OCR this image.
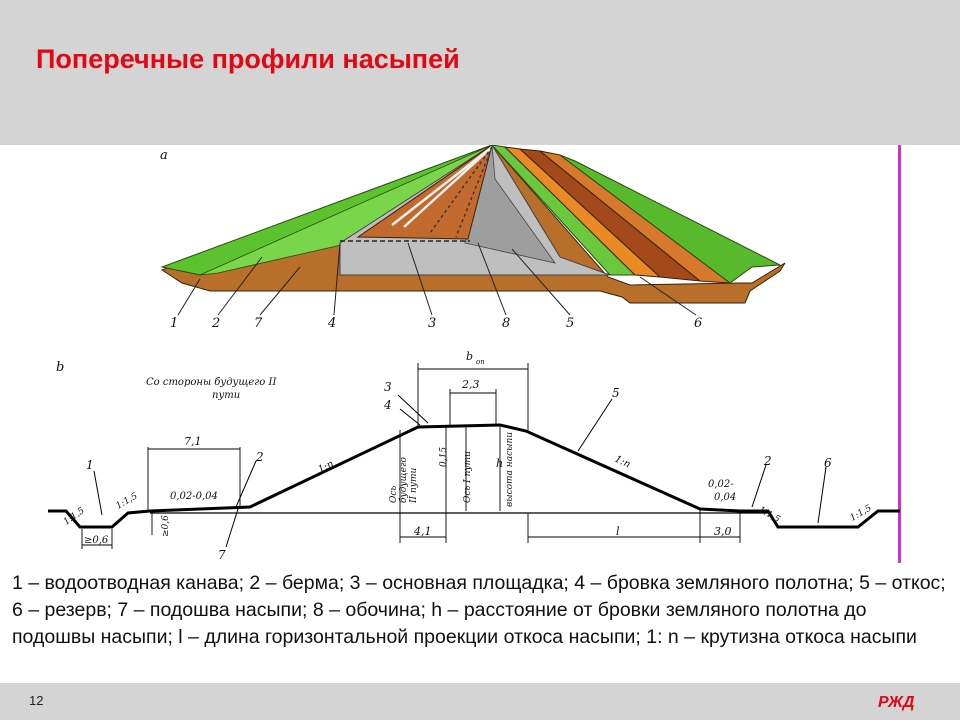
Поперечные профили насыпей
a
1	2	7	4	3	8	5	6
b
Со стороны будущего II
пути
b оп
2,3
7,1
0,02-0,04
0,02-
0,04
4,1	l	3,0
≥0,6
1:1,5
1:1,5
1:1,5	1:1,5
1:n	1:n
≥0,6
0,15	h
Ось будущего II пути	Ось I пути	высота насыпи
1
2
3
4
5
2	6
7
1 – водоотводная канава; 2 – берма; 3 – основная площадка; 4 – бровка земляного полотна; 5 – откос; 6 – резерв; 7 – подошва насыпи; 8 – обочина; h – расстояние от бровки земляного полотна до подошвы насыпи; l – длина горизонтальной проекции откоса насыпи; 1: n – крутизна откоса насыпи
12	РЖД
